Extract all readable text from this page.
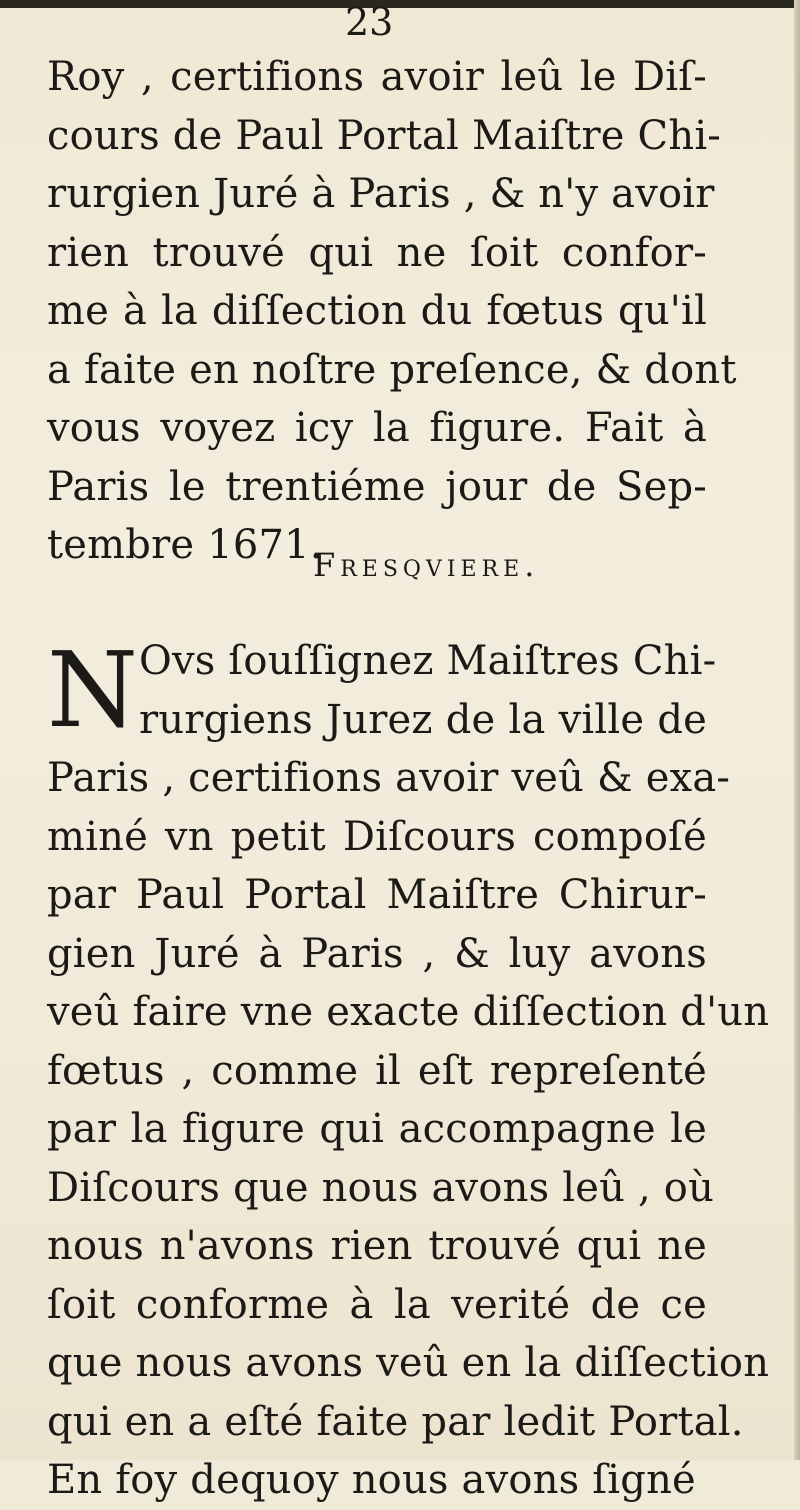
23
Roy , certifions avoir leû le Diſ-
cours de Paul Portal Maiſtre Chi-
rurgien Juré à Paris , & n'y avoir
rien trouvé qui ne ſoit confor-
me à la diſſection du fœtus qu'il
a faite en noſtre preſence, & dont
vous voyez icy la figure. Fait à
Paris le trentiéme jour de Sep-
tembre 1671.
Fresqviere.
N Ovs ſouſſignez Maiſtres Chi-
rurgiens Jurez de la ville de
Paris , certifions avoir veû & exa-
miné vn petit Diſcours compoſé
par Paul Portal Maiſtre Chirur-
gien Juré à Paris , & luy avons
veû faire vne exacte diſſection d'un
fœtus , comme il eſt repreſenté
par la figure qui accompagne le
Diſcours que nous avons leû , où
nous n'avons rien trouvé qui ne
ſoit conforme à la verité de ce
que nous avons veû en la diſſection
qui en a eſté faite par ledit Portal.
En foy dequoy nous avons ſigné
